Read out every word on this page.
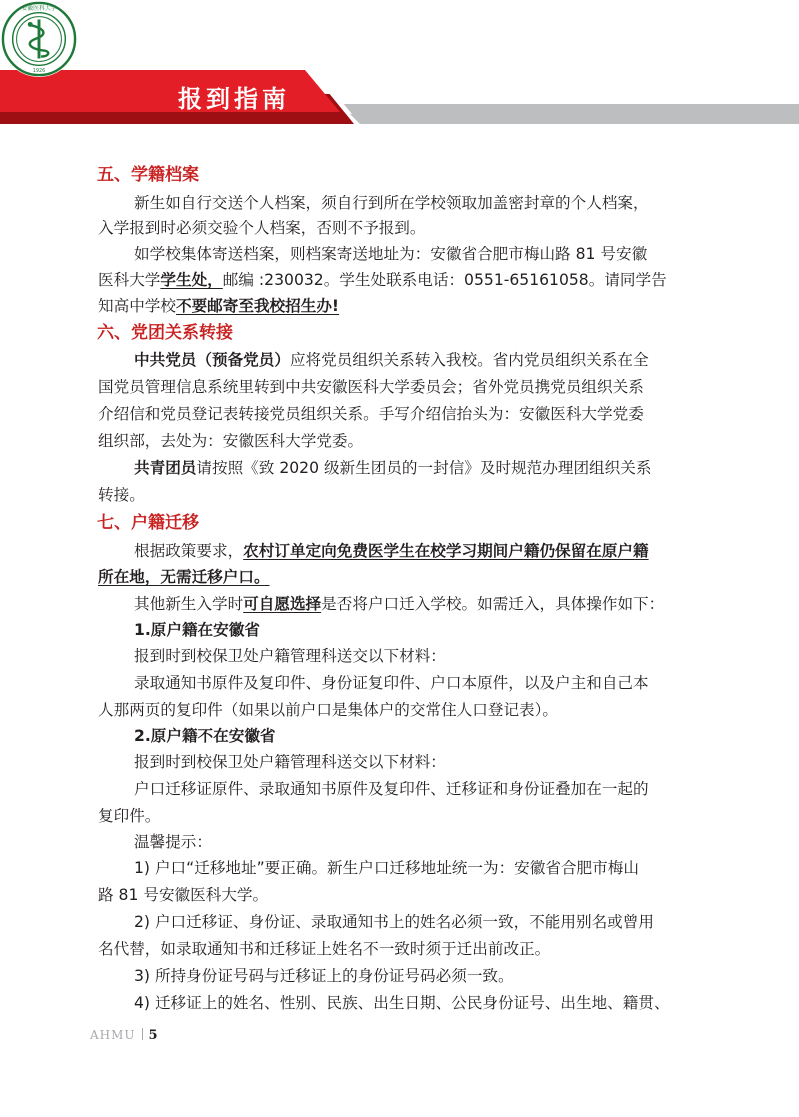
安徽医科大学
1926
报到指南
五、学籍档案
新生如自行交送个人档案，须自行到所在学校领取加盖密封章的个人档案，
入学报到时必须交验个人档案，否则不予报到。
如学校集体寄送档案，则档案寄送地址为：安徽省合肥市梅山路 81 号安徽
医科大学学生处，邮编 :230032。学生处联系电话：0551-65161058。请同学告
知高中学校不要邮寄至我校招生办!
六、党团关系转接
中共党员（预备党员）应将党员组织关系转入我校。省内党员组织关系在全
国党员管理信息系统里转到中共安徽医科大学委员会；省外党员携党员组织关系
介绍信和党员登记表转接党员组织关系。手写介绍信抬头为：安徽医科大学党委
组织部，去处为：安徽医科大学党委。
共青团员请按照《致 2020 级新生团员的一封信》及时规范办理团组织关系
转接。
七、户籍迁移
根据政策要求，农村订单定向免费医学生在校学习期间户籍仍保留在原户籍
所在地，无需迁移户口。
其他新生入学时可自愿选择是否将户口迁入学校。如需迁入，具体操作如下：
1.原户籍在安徽省
报到时到校保卫处户籍管理科送交以下材料：
录取通知书原件及复印件、身份证复印件、户口本原件，以及户主和自己本
人那两页的复印件（如果以前户口是集体户的交常住人口登记表）。
2.原户籍不在安徽省
报到时到校保卫处户籍管理科送交以下材料：
户口迁移证原件、录取通知书原件及复印件、迁移证和身份证叠加在一起的
复印件。
温馨提示：
1) 户口“迁移地址”要正确。新生户口迁移地址统一为：安徽省合肥市梅山
路 81 号安徽医科大学。
2) 户口迁移证、身份证、录取通知书上的姓名必须一致，不能用别名或曾用
名代替，如录取通知书和迁移证上姓名不一致时须于迁出前改正。
3) 所持身份证号码与迁移证上的身份证号码必须一致。
4) 迁移证上的姓名、性别、民族、出生日期、公民身份证号、出生地、籍贯、
AHMU 5
